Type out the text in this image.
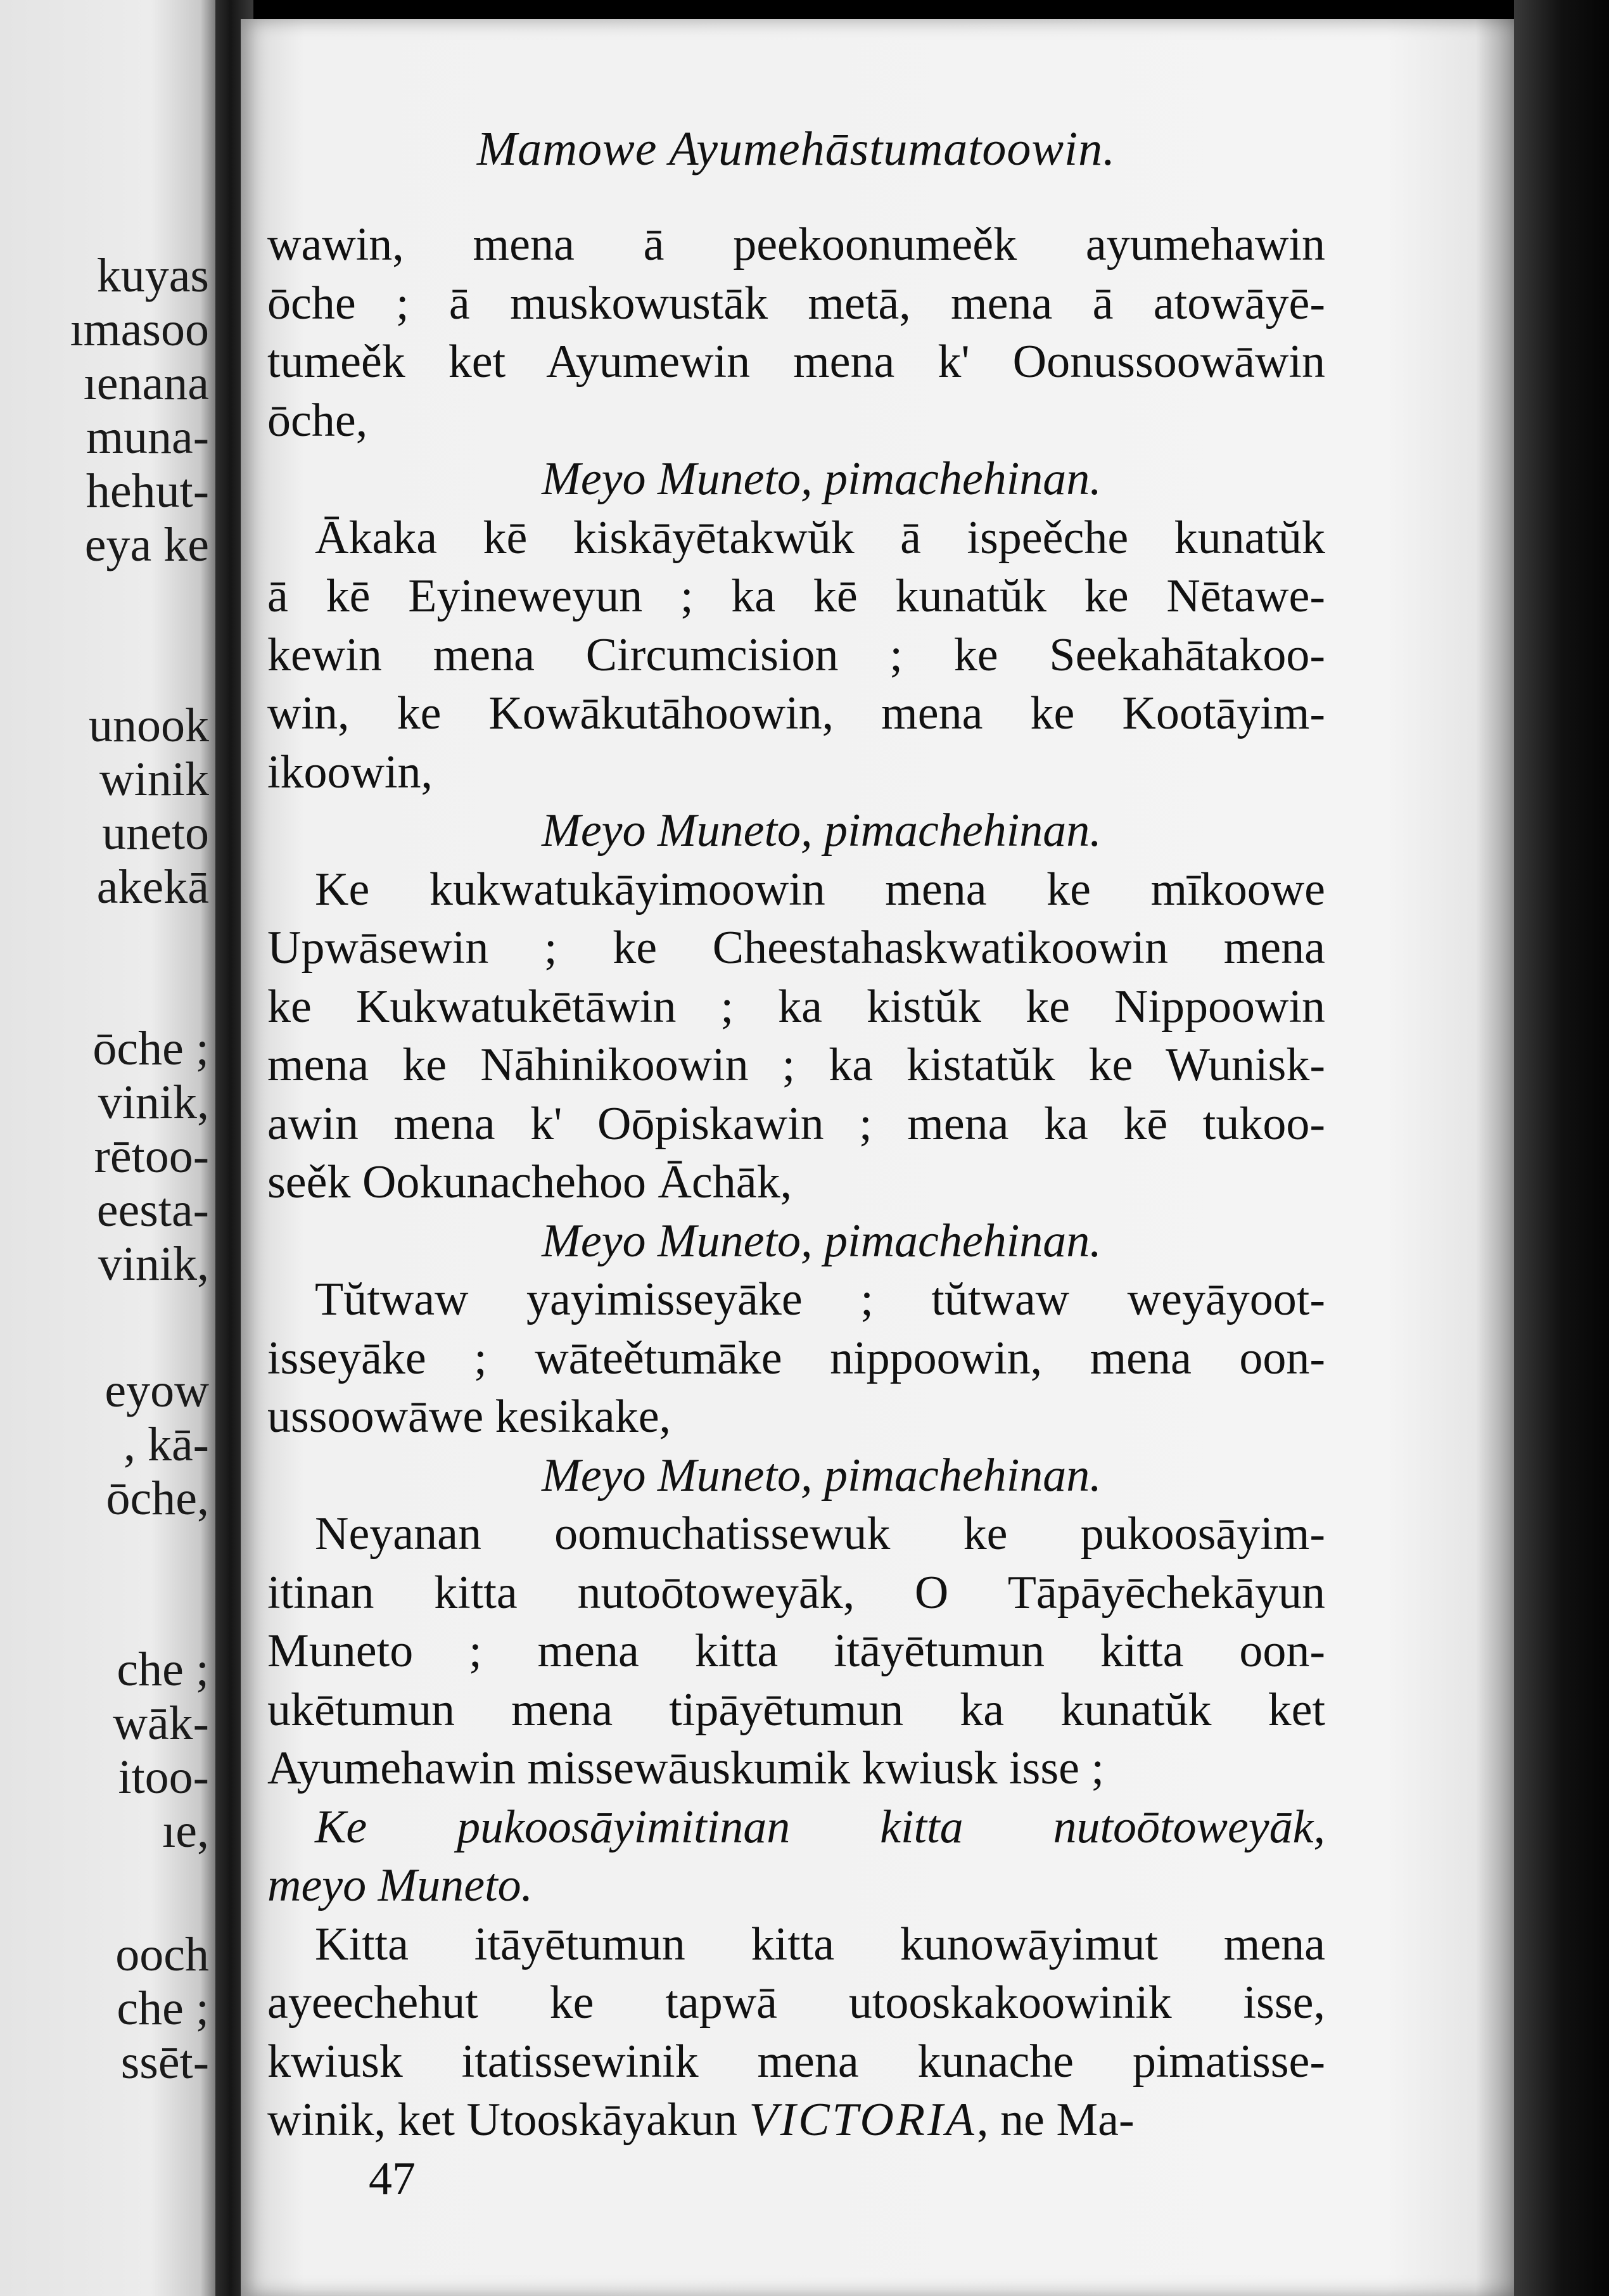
kuyas
ımasoo
ıenana
muna-
hehut-
eya ke
unook
winik
uneto
akekā
ōche ;
vinik,
rētoo-
eesta-
vinik,
eyow
, kā-
ōche,
che ;
wāk-
itoo-
ıe,
ooch
che ;
ssēt-
Mamowe Ayumehāstumatoowin.
wawin, mena ā peekoonumeěk ayumehawin
ōche ; ā muskowustāk metā, mena ā atowāyē-
tumeěk ket Ayumewin mena k' Oonussoowāwin
ōche,
Meyo Muneto, pimachehinan.
Ākaka kē kiskāyētakwŭk ā ispeěche kunatŭk
ā kē Eyineweyun ; ka kē kunatŭk ke Nētawe-
kewin mena Circumcision ; ke Seekahātakoo-
win, ke Kowākutāhoowin, mena ke Kootāyim-
ikoowin,
Meyo Muneto, pimachehinan.
Ke kukwatukāyimoowin mena ke mīkoowe
Upwāsewin ; ke Cheestahaskwatikoowin mena
ke Kukwatukētāwin ; ka kistŭk ke Nippoowin
mena ke Nāhinikoowin ; ka kistatŭk ke Wunisk-
awin mena k' Oōpiskawin ; mena ka kē tukoo-
seěk Ookunachehoo Āchāk,
Meyo Muneto, pimachehinan.
Tŭtwaw yayimisseyāke ; tŭtwaw weyāyoot-
isseyāke ; wāteětumāke nippoowin, mena oon-
ussoowāwe kesikake,
Meyo Muneto, pimachehinan.
Neyanan oomuchatissewuk ke pukoosāyim-
itinan kitta nutoōtoweyāk, O Tāpāyēchekāyun
Muneto ; mena kitta itāyētumun kitta oon-
ukētumun mena tipāyētumun ka kunatŭk ket
Ayumehawin missewāuskumik kwiusk isse ;
Ke pukoosāyimitinan kitta nutoōtoweyāk,
meyo Muneto.
Kitta itāyētumun kitta kunowāyimut mena
ayeechehut ke tapwā utooskakoowinik isse,
kwiusk itatissewinik mena kunache pimatisse-
winik, ket Utooskāyakun VICTORIA, ne Ma-
47
